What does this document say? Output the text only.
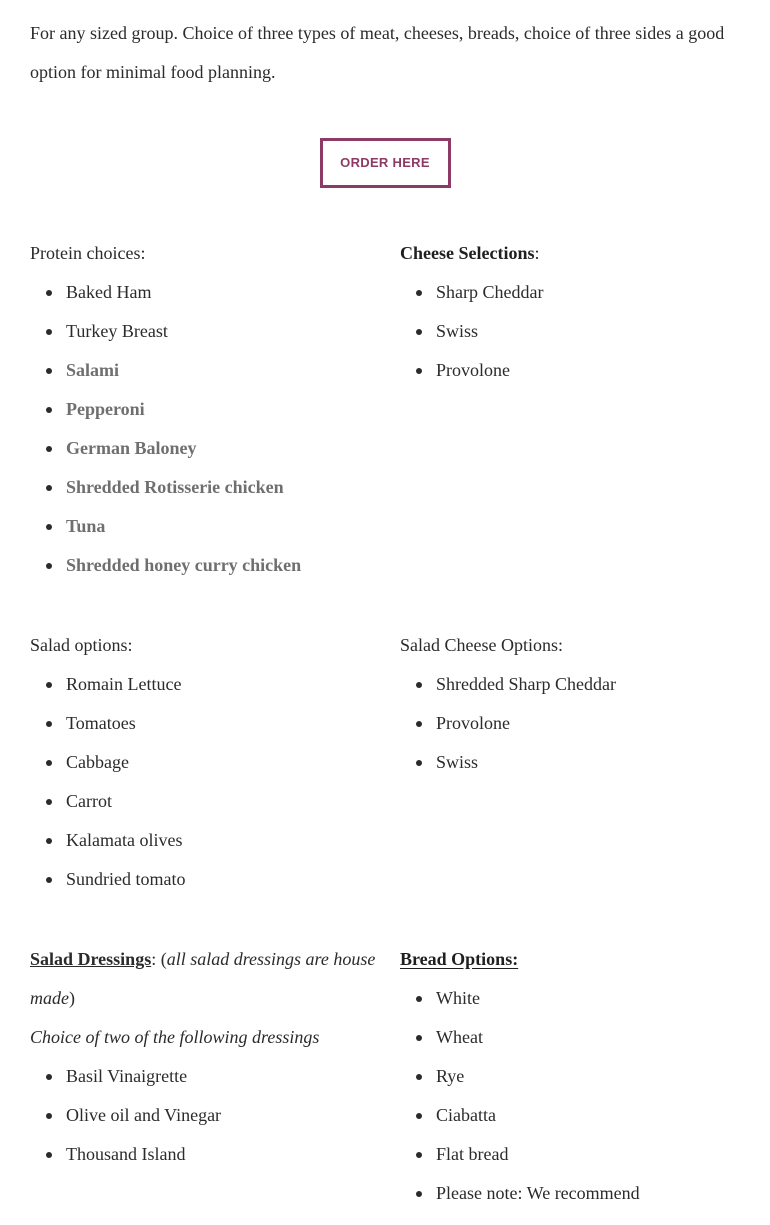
For any sized group. Choice of three types of meat, cheeses, breads, choice of three sides a good option for minimal food planning.

ORDER HERE

Protein choices:

Baked Ham
Turkey Breast
Salami
Pepperoni
German Baloney
Shredded Rotisserie chicken
Tuna
Shredded honey curry chicken

Cheese Selections:

Sharp Cheddar
Swiss
Provolone

Salad options:

Romain Lettuce
Tomatoes
Cabbage
Carrot
Kalamata olives
Sundried tomato

Salad Cheese Options:

Shredded Sharp Cheddar
Provolone
Swiss

Salad Dressings: (all salad dressings are house made)

Choice of two of the following dressings

Basil Vinaigrette
Olive oil and Vinegar
Thousand Island

Bread Options:

White
Wheat
Rye
Ciabatta
Flat bread
Please note: We recommend
